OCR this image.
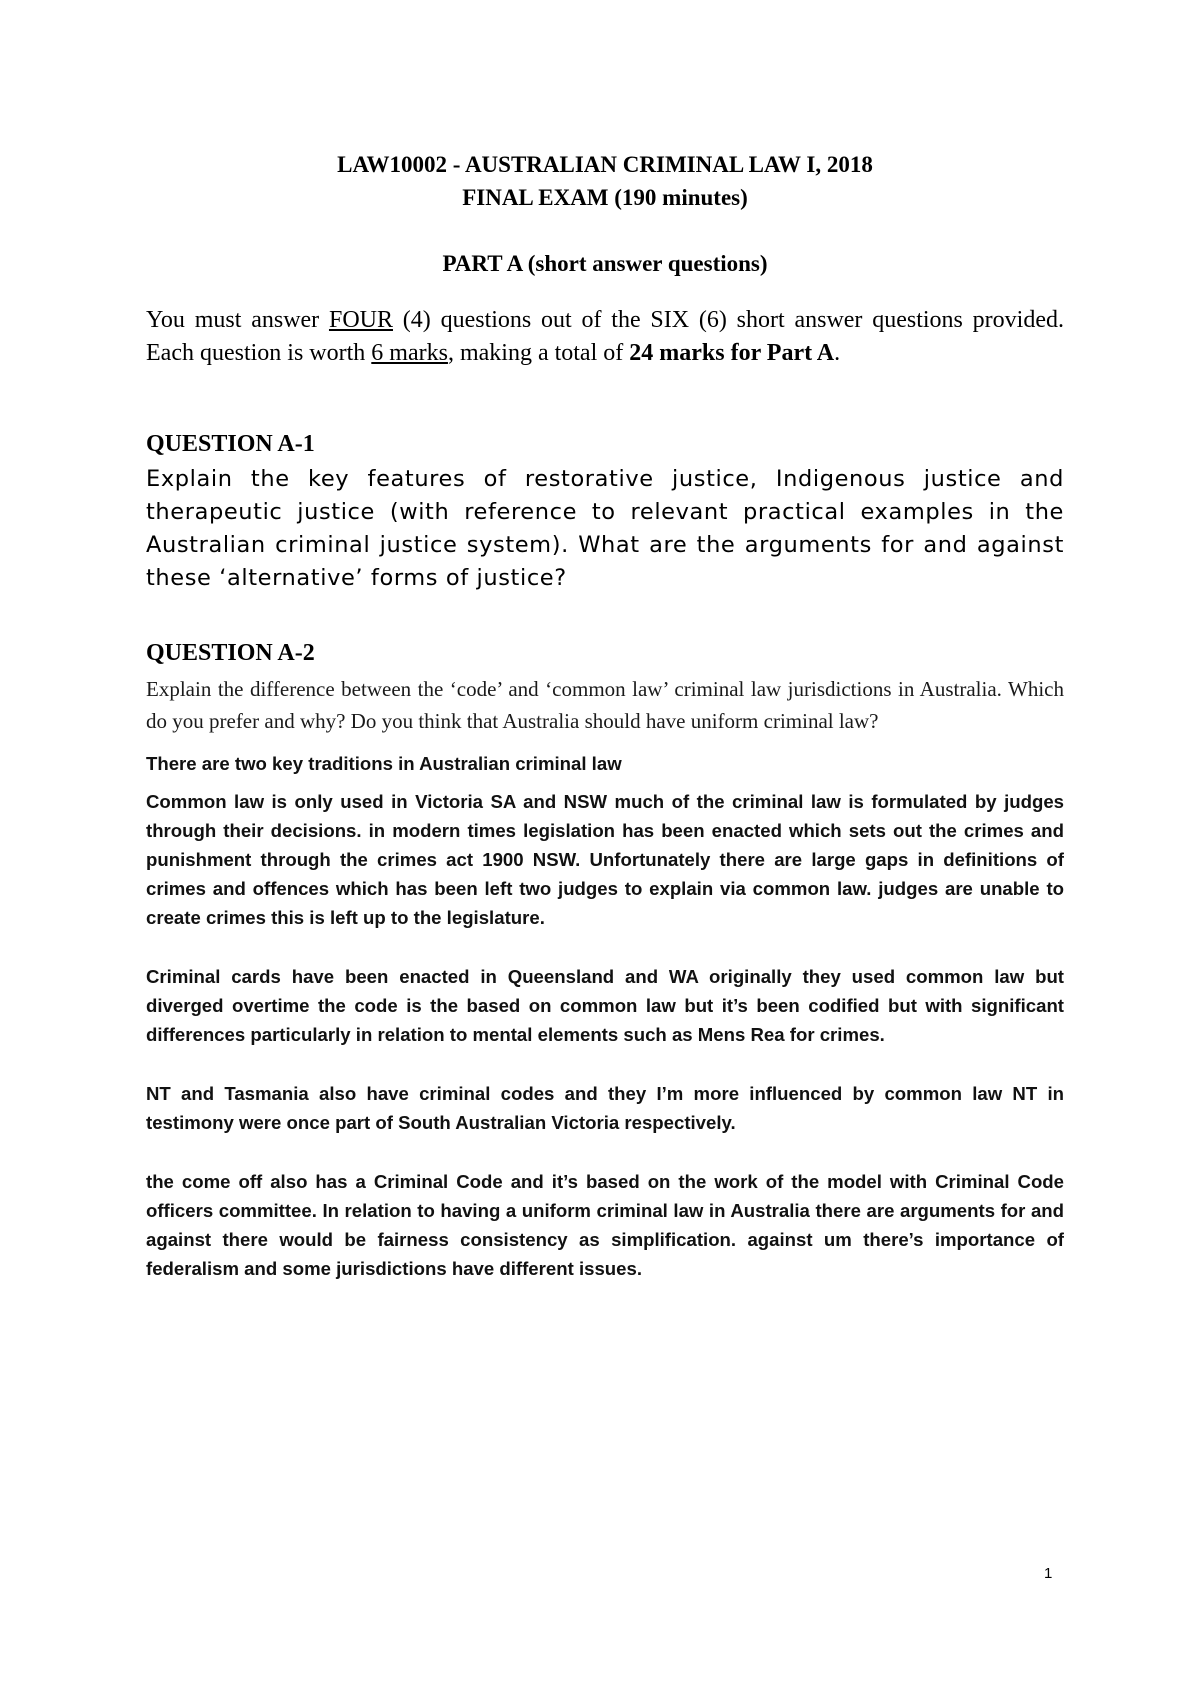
LAW10002 - AUSTRALIAN CRIMINAL LAW I, 2018
FINAL EXAM (190 minutes)

PART A (short answer questions)

You must answer FOUR (4) questions out of the SIX (6) short answer questions provided. Each question is worth 6 marks, making a total of 24 marks for Part A.

QUESTION A-1

Explain the key features of restorative justice, Indigenous justice and therapeutic justice (with reference to relevant practical examples in the Australian criminal justice system). What are the arguments for and against these ‘alternative’ forms of justice?

QUESTION A-2

Explain the difference between the ‘code’ and ‘common law’ criminal law jurisdictions in Australia. Which do you prefer and why? Do you think that Australia should have uniform criminal law?

There are two key traditions in Australian criminal law

Common law is only used in Victoria SA and NSW much of the criminal law is formulated by judges through their decisions. in modern times legislation has been enacted which sets out the crimes and punishment through the crimes act 1900 NSW. Unfortunately there are large gaps in definitions of crimes and offences which has been left two judges to explain via common law. judges are unable to create crimes this is left up to the legislature.

Criminal cards have been enacted in Queensland and WA originally they used common law but diverged overtime the code is the based on common law but it’s been codified but with significant differences particularly in relation to mental elements such as Mens Rea for crimes.

NT and Tasmania also have criminal codes and they I’m more influenced by common law NT in testimony were once part of South Australian Victoria respectively.

the come off also has a Criminal Code and it’s based on the work of the model with Criminal Code officers committee. In relation to having a uniform criminal law in Australia there are arguments for and against there would be fairness consistency as simplification. against um there’s importance of federalism and some jurisdictions have different issues.

1
